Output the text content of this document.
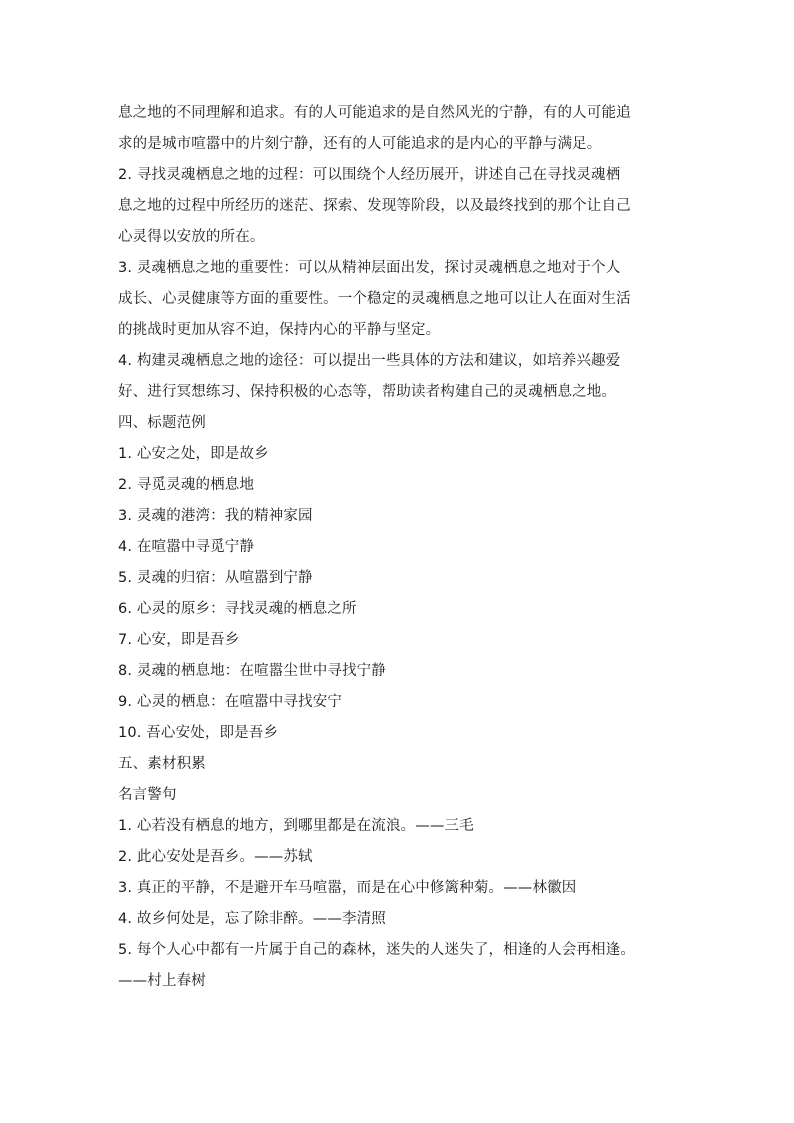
息之地的不同理解和追求。有的人可能追求的是自然风光的宁静，有的人可能追
求的是城市喧嚣中的片刻宁静，还有的人可能追求的是内心的平静与满足。
2. 寻找灵魂栖息之地的过程：可以围绕个人经历展开，讲述自己在寻找灵魂栖
息之地的过程中所经历的迷茫、探索、发现等阶段，以及最终找到的那个让自己
心灵得以安放的所在。
3. 灵魂栖息之地的重要性：可以从精神层面出发，探讨灵魂栖息之地对于个人
成长、心灵健康等方面的重要性。一个稳定的灵魂栖息之地可以让人在面对生活
的挑战时更加从容不迫，保持内心的平静与坚定。
4. 构建灵魂栖息之地的途径：可以提出一些具体的方法和建议，如培养兴趣爱
好、进行冥想练习、保持积极的心态等，帮助读者构建自己的灵魂栖息之地。
四、标题范例
1. 心安之处，即是故乡
2. 寻觅灵魂的栖息地
3. 灵魂的港湾：我的精神家园
4. 在喧嚣中寻觅宁静
5. 灵魂的归宿：从喧嚣到宁静
6. 心灵的原乡：寻找灵魂的栖息之所
7. 心安，即是吾乡
8. 灵魂的栖息地：在喧嚣尘世中寻找宁静
9. 心灵的栖息：在喧嚣中寻找安宁
10. 吾心安处，即是吾乡
五、素材积累
名言警句
1. 心若没有栖息的地方，到哪里都是在流浪。——三毛
2. 此心安处是吾乡。——苏轼
3. 真正的平静，不是避开车马喧嚣，而是在心中修篱种菊。——林徽因
4. 故乡何处是，忘了除非醉。——李清照
5. 每个人心中都有一片属于自己的森林，迷失的人迷失了，相逢的人会再相逢。
——村上春树
